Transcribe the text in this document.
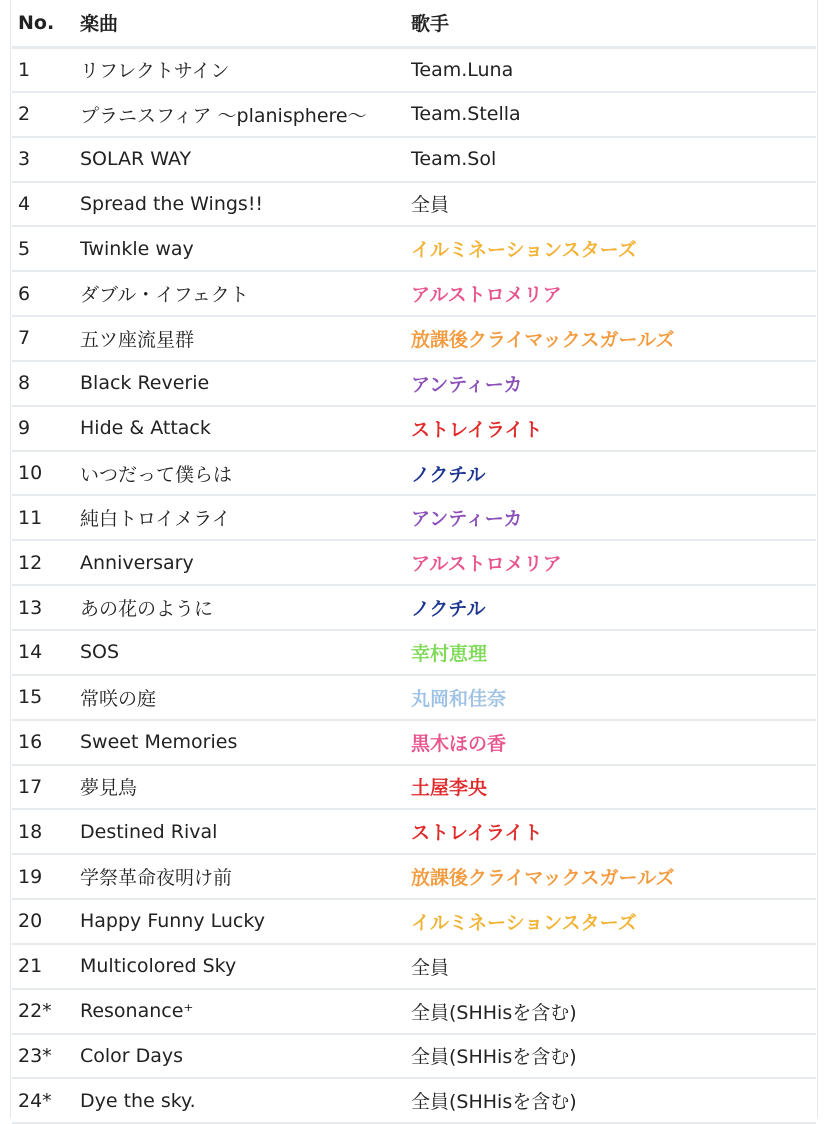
No.	楽曲	歌手
1	リフレクトサイン	Team.Luna
2	プラニスフィア 〜planisphere〜	Team.Stella
3	SOLAR WAY	Team.Sol
4	Spread the Wings!!	全員
5	Twinkle way	イルミネーションスターズ
6	ダブル・イフェクト	アルストロメリア
7	五ツ座流星群	放課後クライマックスガールズ
8	Black Reverie	アンティーカ
9	Hide & Attack	ストレイライト
10	いつだって僕らは	ノクチル
11	純白トロイメライ	アンティーカ
12	Anniversary	アルストロメリア
13	あの花のように	ノクチル
14	SOS	幸村恵理
15	常咲の庭	丸岡和佳奈
16	Sweet Memories	黒木ほの香
17	夢見鳥	土屋李央
18	Destined Rival	ストレイライト
19	学祭革命夜明け前	放課後クライマックスガールズ
20	Happy Funny Lucky	イルミネーションスターズ
21	Multicolored Sky	全員
22*	Resonance⁺	全員(SHHisを含む)
23*	Color Days	全員(SHHisを含む)
24*	Dye the sky.	全員(SHHisを含む)
